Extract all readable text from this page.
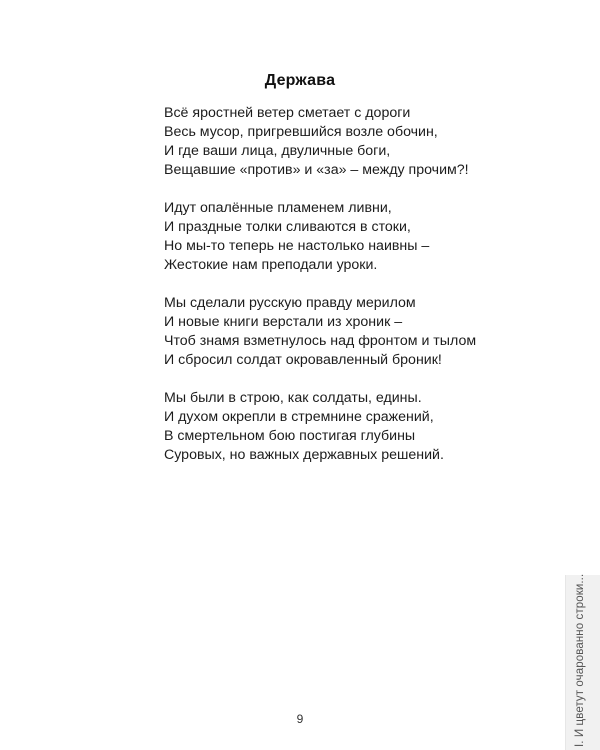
Держава
Всё яростней ветер сметает с дороги
Весь мусор, пригревшийся возле обочин,
И где ваши лица, двуличные боги,
Вещавшие «против» и «за» – между прочим?!
Идут опалённые пламенем ливни,
И праздные толки сливаются в стоки,
Но мы-то теперь не настолько наивны –
Жестокие нам преподали уроки.
Мы сделали русскую правду мерилом
И новые книги верстали из хроник –
Чтоб знамя взметнулось над фронтом и тылом
И сбросил солдат окровавленный броник!
Мы были в строю, как солдаты, едины.
И духом окрепли в стремнине сражений,
В смертельном бою постигая глубины
Суровых, но важных державных решений.
I. И цветут очарованно строки...
9
